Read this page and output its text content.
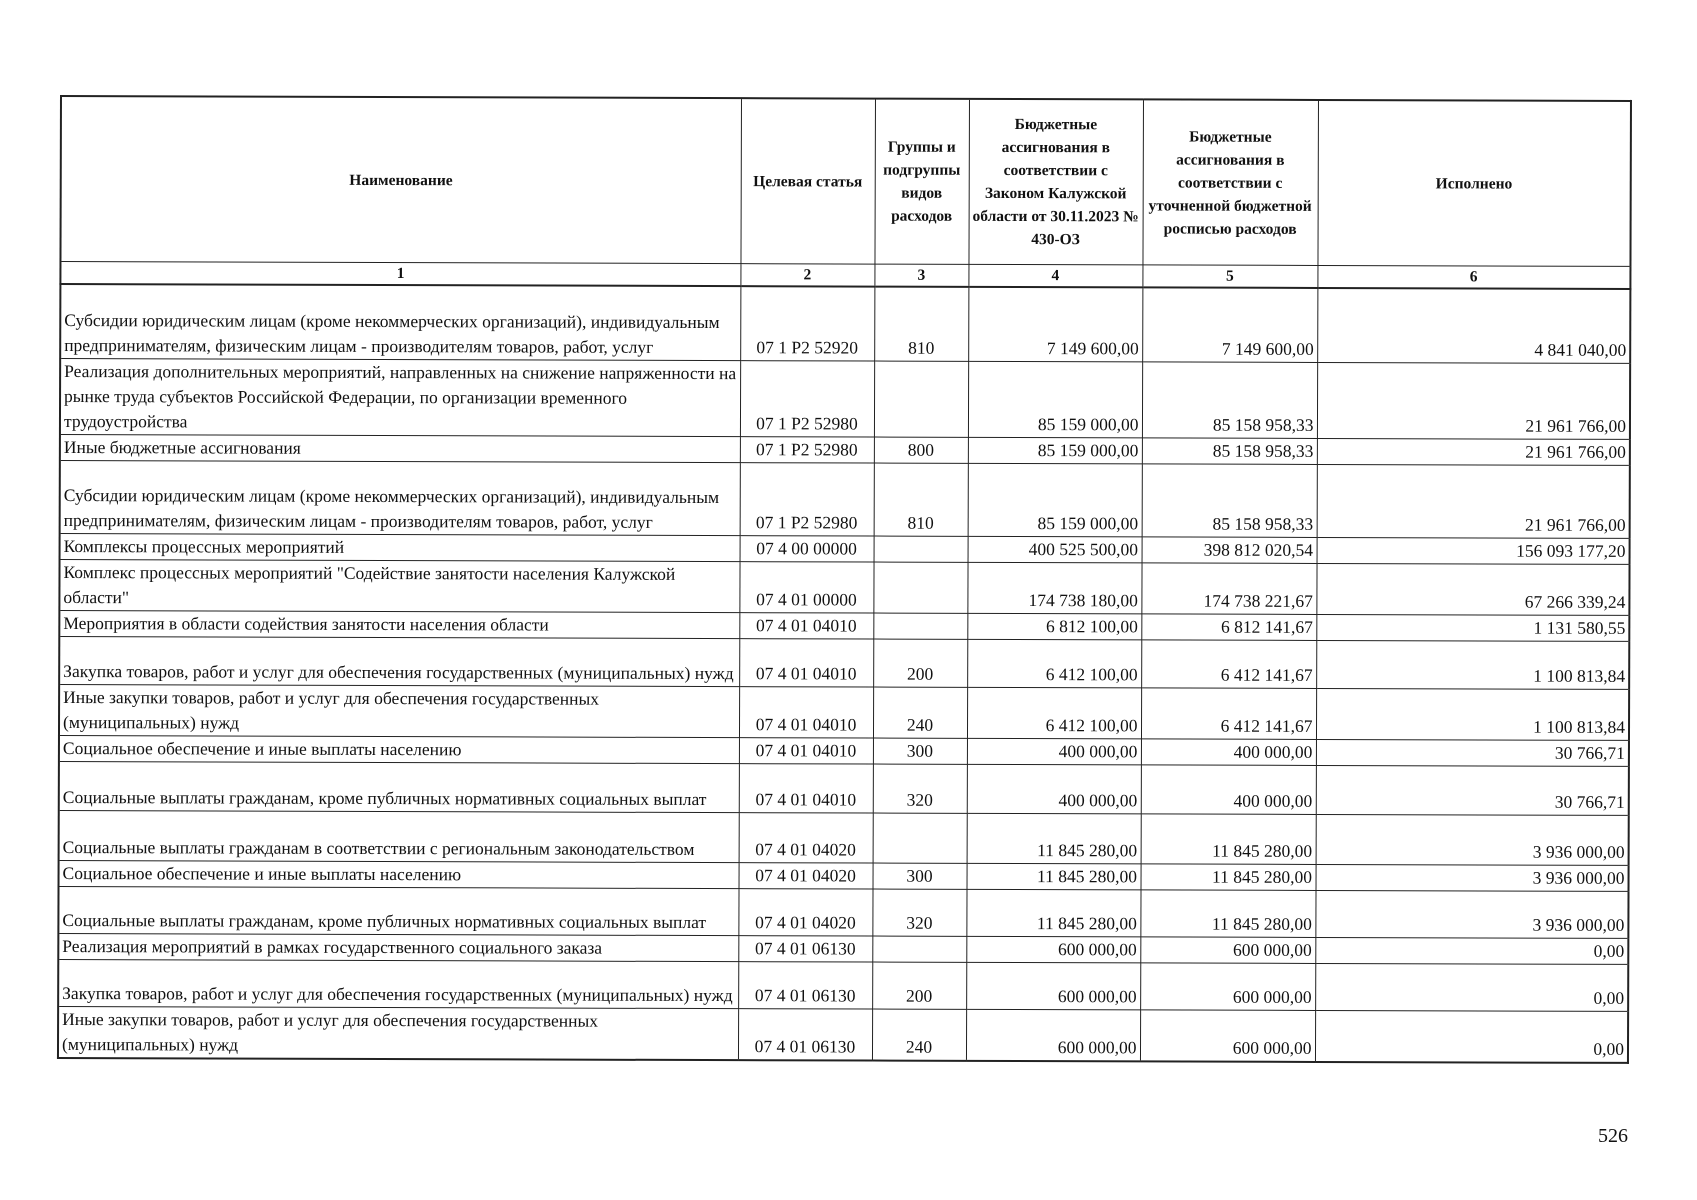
Наименование	Целевая статья	Группы и подгруппы видов расходов	Бюджетные ассигнования в соответствии с Законом Калужской области от 30.11.2023 № 430-ОЗ	Бюджетные ассигнования в соответствии с уточненной бюджетной росписью расходов	Исполнено
1	2	3	4	5	6
Субсидии юридическим лицам (кроме некоммерческих организаций), индивидуальным предпринимателям, физическим лицам - производителям товаров, работ, услуг	07 1 Р2 52920	810	7 149 600,00	7 149 600,00	4 841 040,00
Реализация дополнительных мероприятий, направленных на снижение напряженности на рынке труда субъектов Российской Федерации, по организации временного трудоустройства	07 1 Р2 52980		85 159 000,00	85 158 958,33	21 961 766,00
Иные бюджетные ассигнования	07 1 Р2 52980	800	85 159 000,00	85 158 958,33	21 961 766,00
Субсидии юридическим лицам (кроме некоммерческих организаций), индивидуальным предпринимателям, физическим лицам - производителям товаров, работ, услуг	07 1 Р2 52980	810	85 159 000,00	85 158 958,33	21 961 766,00
Комплексы процессных мероприятий	07 4 00 00000		400 525 500,00	398 812 020,54	156 093 177,20
Комплекс процессных мероприятий "Содействие занятости населения Калужской области"	07 4 01 00000		174 738 180,00	174 738 221,67	67 266 339,24
Мероприятия в области содействия занятости населения области	07 4 01 04010		6 812 100,00	6 812 141,67	1 131 580,55
Закупка товаров, работ и услуг для обеспечения государственных (муниципальных) нужд	07 4 01 04010	200	6 412 100,00	6 412 141,67	1 100 813,84
Иные закупки товаров, работ и услуг для обеспечения государственных (муниципальных) нужд	07 4 01 04010	240	6 412 100,00	6 412 141,67	1 100 813,84
Социальное обеспечение и иные выплаты населению	07 4 01 04010	300	400 000,00	400 000,00	30 766,71
Социальные выплаты гражданам, кроме публичных нормативных социальных выплат	07 4 01 04010	320	400 000,00	400 000,00	30 766,71
Социальные выплаты гражданам в соответствии с региональным законодательством	07 4 01 04020		11 845 280,00	11 845 280,00	3 936 000,00
Социальное обеспечение и иные выплаты населению	07 4 01 04020	300	11 845 280,00	11 845 280,00	3 936 000,00
Социальные выплаты гражданам, кроме публичных нормативных социальных выплат	07 4 01 04020	320	11 845 280,00	11 845 280,00	3 936 000,00
Реализация мероприятий в рамках государственного социального заказа	07 4 01 06130		600 000,00	600 000,00	0,00
Закупка товаров, работ и услуг для обеспечения государственных (муниципальных) нужд	07 4 01 06130	200	600 000,00	600 000,00	0,00
Иные закупки товаров, работ и услуг для обеспечения государственных (муниципальных) нужд	07 4 01 06130	240	600 000,00	600 000,00	0,00
526
